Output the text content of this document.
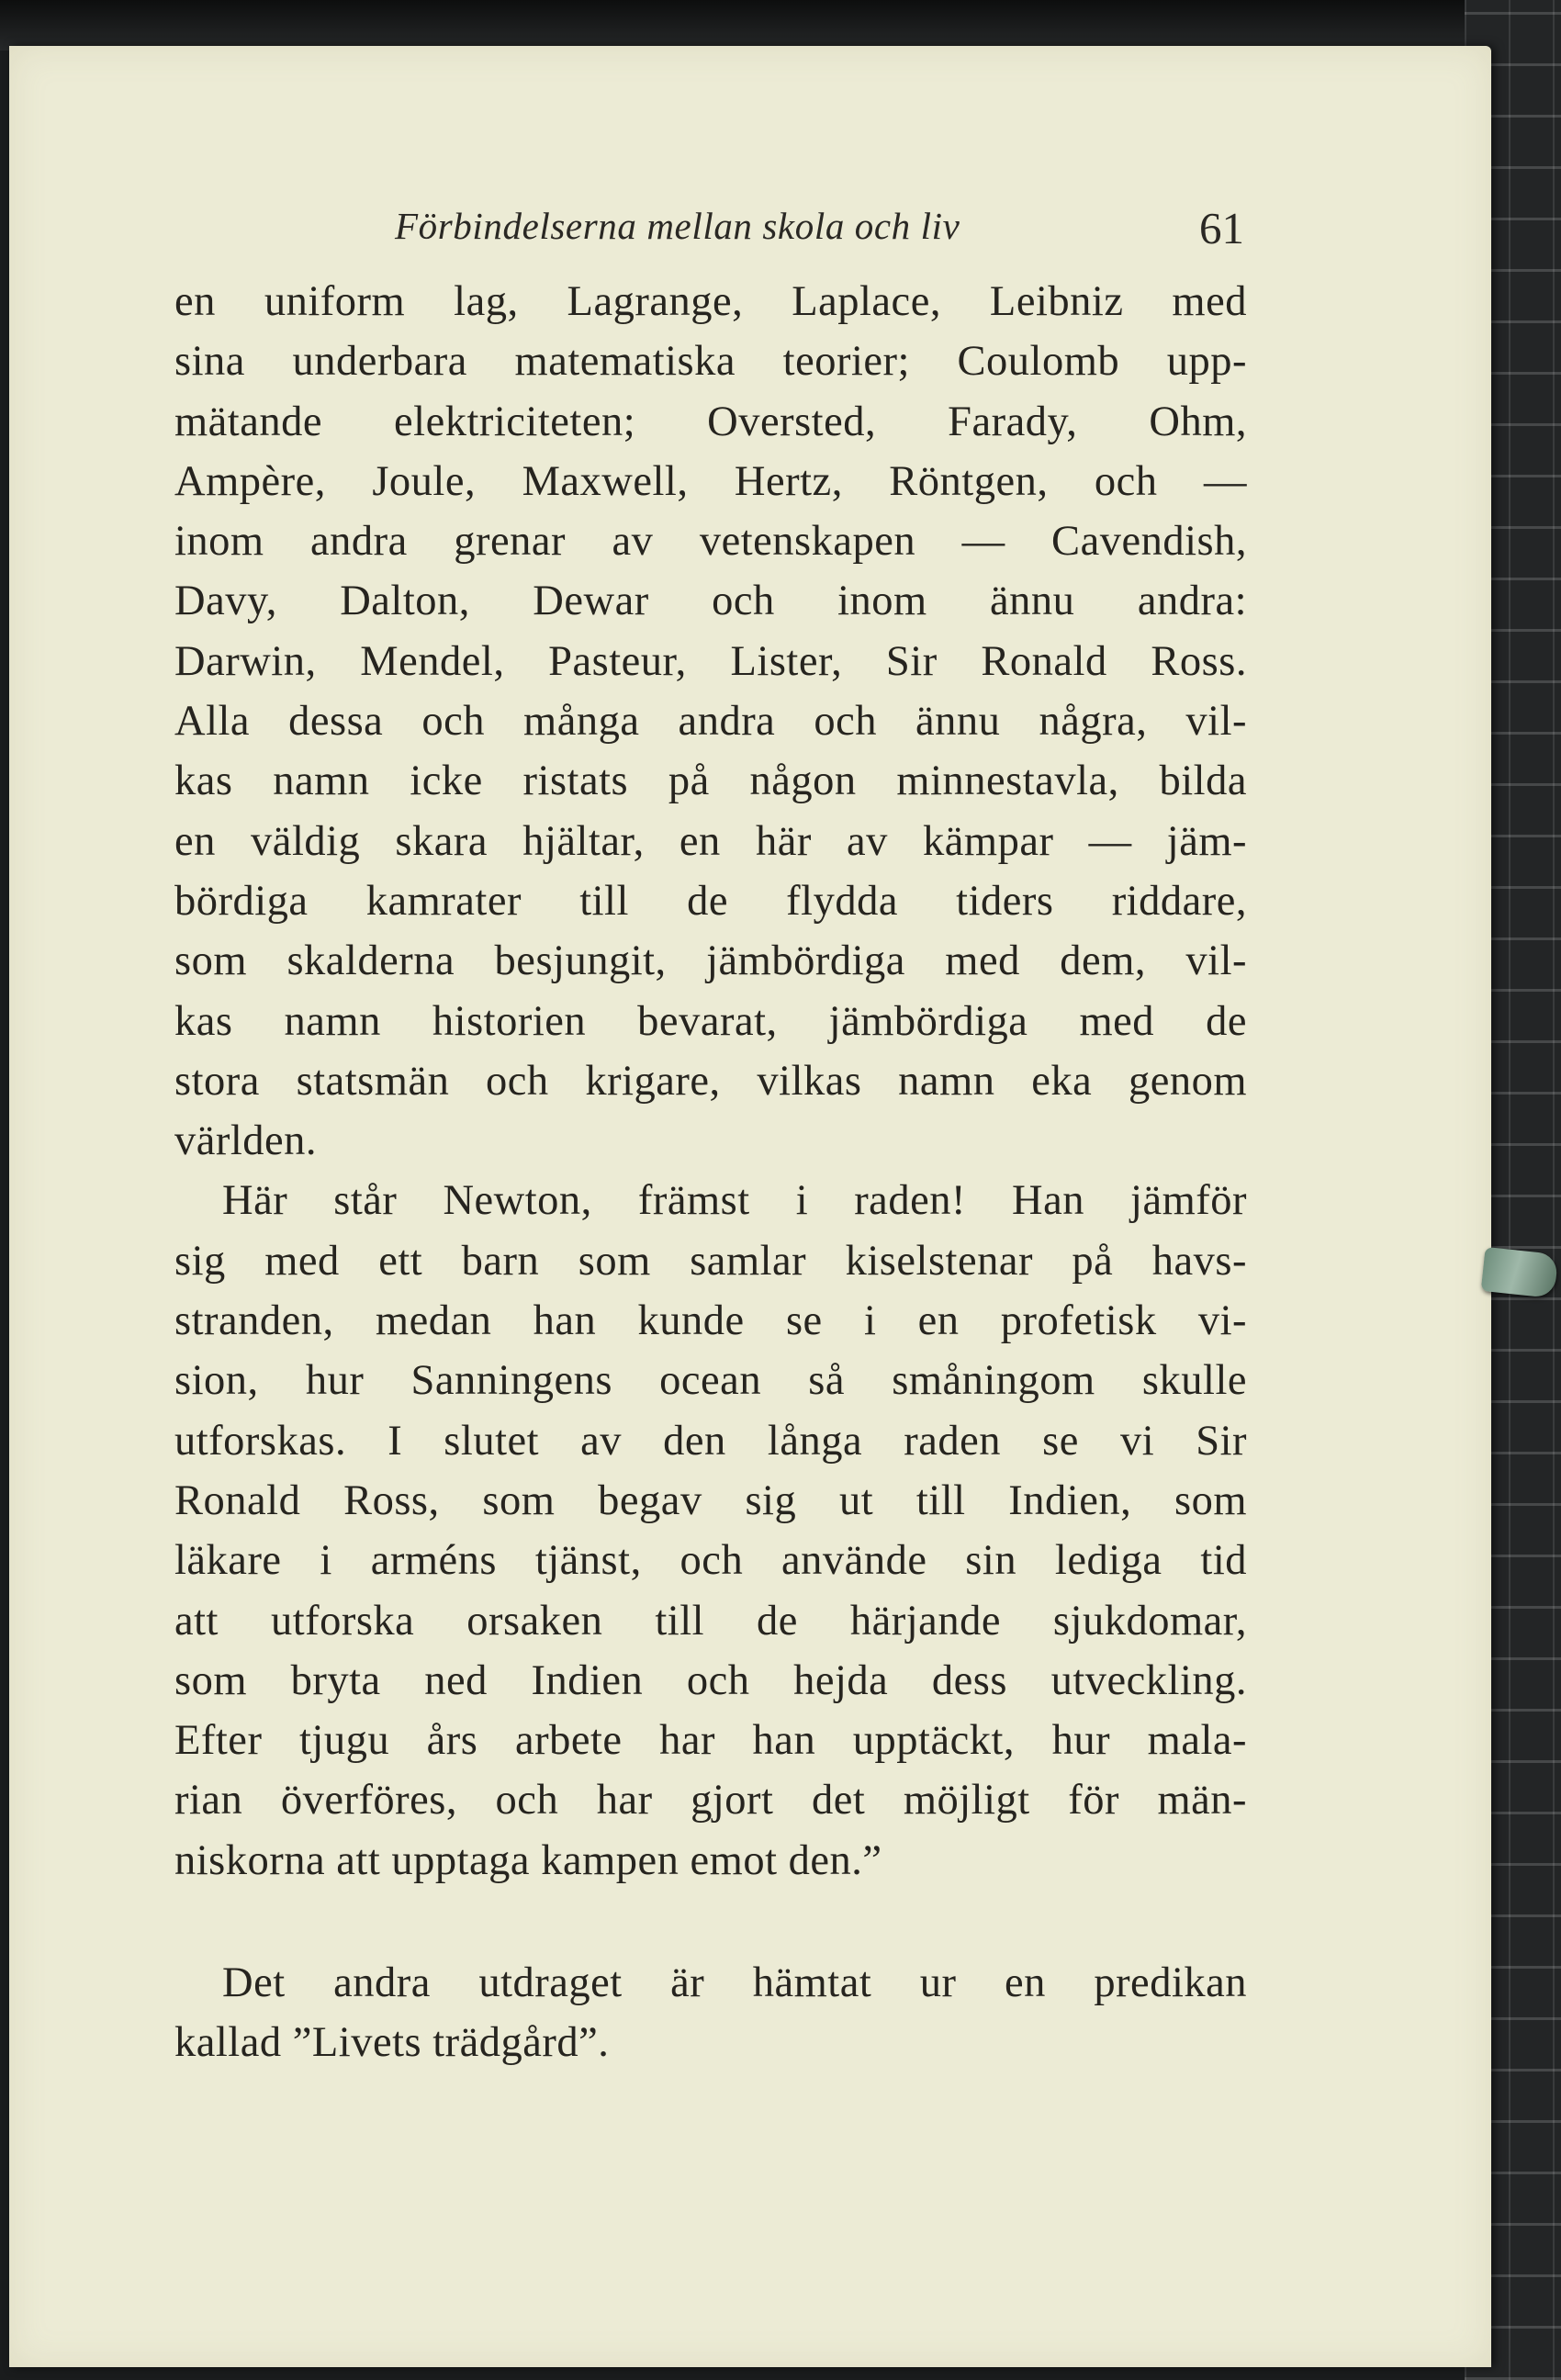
Förbindelserna mellan skola och liv	61

en uniform lag, Lagrange, Laplace, Leibniz med

sina underbara matematiska teorier; Coulomb upp-

mätande elektriciteten; Oversted, Farady, Ohm,

Ampère, Joule, Maxwell, Hertz, Röntgen, och —

inom andra grenar av vetenskapen — Cavendish,

Davy, Dalton, Dewar och inom ännu andra:

Darwin, Mendel, Pasteur, Lister, Sir Ronald Ross.

Alla dessa och många andra och ännu några, vil-

kas namn icke ristats på någon minnestavla, bilda

en väldig skara hjältar, en här av kämpar — jäm-

bördiga kamrater till de flydda tiders riddare,

som skalderna besjungit, jämbördiga med dem, vil-

kas namn historien bevarat, jämbördiga med de

stora statsmän och krigare, vilkas namn eka genom

världen.

Här står Newton, främst i raden! Han jämför

sig med ett barn som samlar kiselstenar på havs-

stranden, medan han kunde se i en profetisk vi-

sion, hur Sanningens ocean så småningom skulle

utforskas. I slutet av den långa raden se vi Sir

Ronald Ross, som begav sig ut till Indien, som

läkare i arméns tjänst, och använde sin lediga tid

att utforska orsaken till de härjande sjukdomar,

som bryta ned Indien och hejda dess utveckling.

Efter tjugu års arbete har han upptäckt, hur mala-

rian överföres, och har gjort det möjligt för män-

niskorna att upptaga kampen emot den.”

Det andra utdraget är hämtat ur en predikan

kallad ”Livets trädgård”.
